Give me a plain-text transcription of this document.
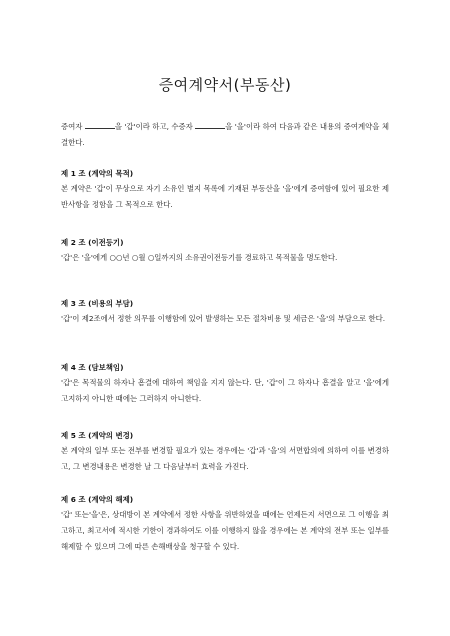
증여계약서(부동산)
증여자	을 '갑'이라 하고, 수증자	을 '을'이라 하여 다음과 같은 내용의 증여계약을 체결한다.
제 1 조 (계약의 목적)
본 계약은 '갑'이 무상으로 자기 소유인 별지 목록에 기재된 부동산을 '을'에게 증여함에 있어 필요한 제반사항을 정함을 그 목적으로 한다.
제 2 조 (이전등기)
'갑'은 '을'에게 ○○년 ○월 ○일까지의 소유권이전등기를 경료하고 목적물을 명도한다.
제 3 조 (비용의 부담)
'갑'이 제2조에서 정한 의무를 이행함에 있어 발생하는 모든 절차비용 및 세금은 '을'의 부담으로 한다.
제 4 조 (담보책임)
'갑'은 목적물의 하자나 흠결에 대하여 책임을 지지 않는다. 단, '갑'이 그 하자나 흠결을 알고 '을'에게 고지하지 아니한 때에는 그러하지 아니한다.
제 5 조 (계약의 변경)
본 계약의 일부 또는 전부를 변경할 필요가 있는 경우에는 '갑'과 '을'의 서면합의에 의하여 이를 변경하고, 그 변경내용은 변경한 날 그 다음날부터 효력을 가진다.
제 6 조 (계약의 해제)
'갑' 또는'을'은, 상대방이 본 계약에서 정한 사항을 위반하였을 때에는 언제든지 서면으로 그 이행을 최고하고, 최고서에 적시한 기한이 경과하여도 이를 이행하지 않을 경우에는 본 계약의 전부 또는 일부를 해제할 수 있으며 그에 따른 손해배상을 청구할 수 있다.
